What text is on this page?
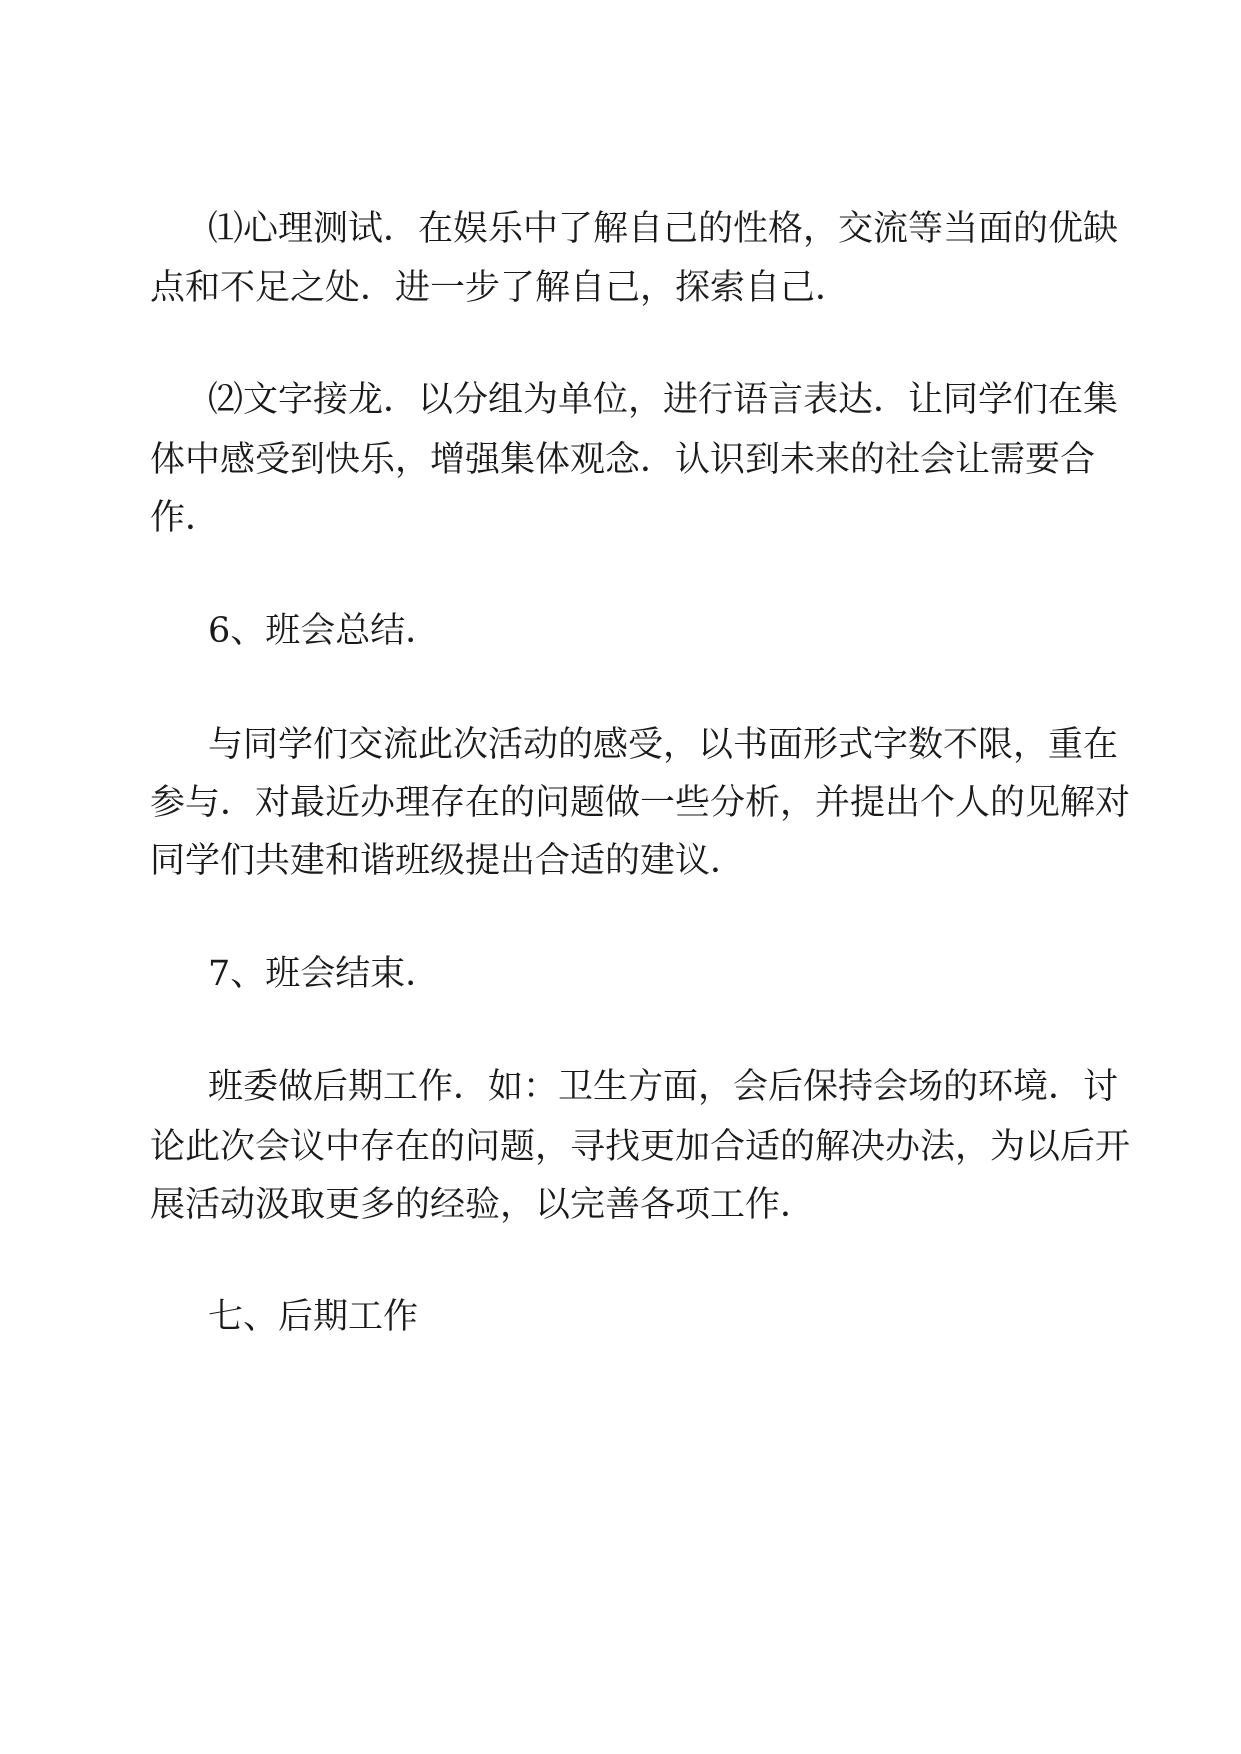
⑴心理测试．在娱乐中了解自己的性格，交流等当面的优缺
点和不足之处．进一步了解自己，探索自己．
⑵文字接龙．以分组为单位，进行语言表达．让同学们在集
体中感受到快乐，增强集体观念．认识到未来的社会让需要合
作．
6、班会总结．
与同学们交流此次活动的感受，以书面形式字数不限，重在
参与．对最近办理存在的问题做一些分析，并提出个人的见解对
同学们共建和谐班级提出合适的建议．
7、班会结束．
班委做后期工作．如：卫生方面，会后保持会场的环境．讨
论此次会议中存在的问题，寻找更加合适的解决办法，为以后开
展活动汲取更多的经验，以完善各项工作．
七、后期工作
